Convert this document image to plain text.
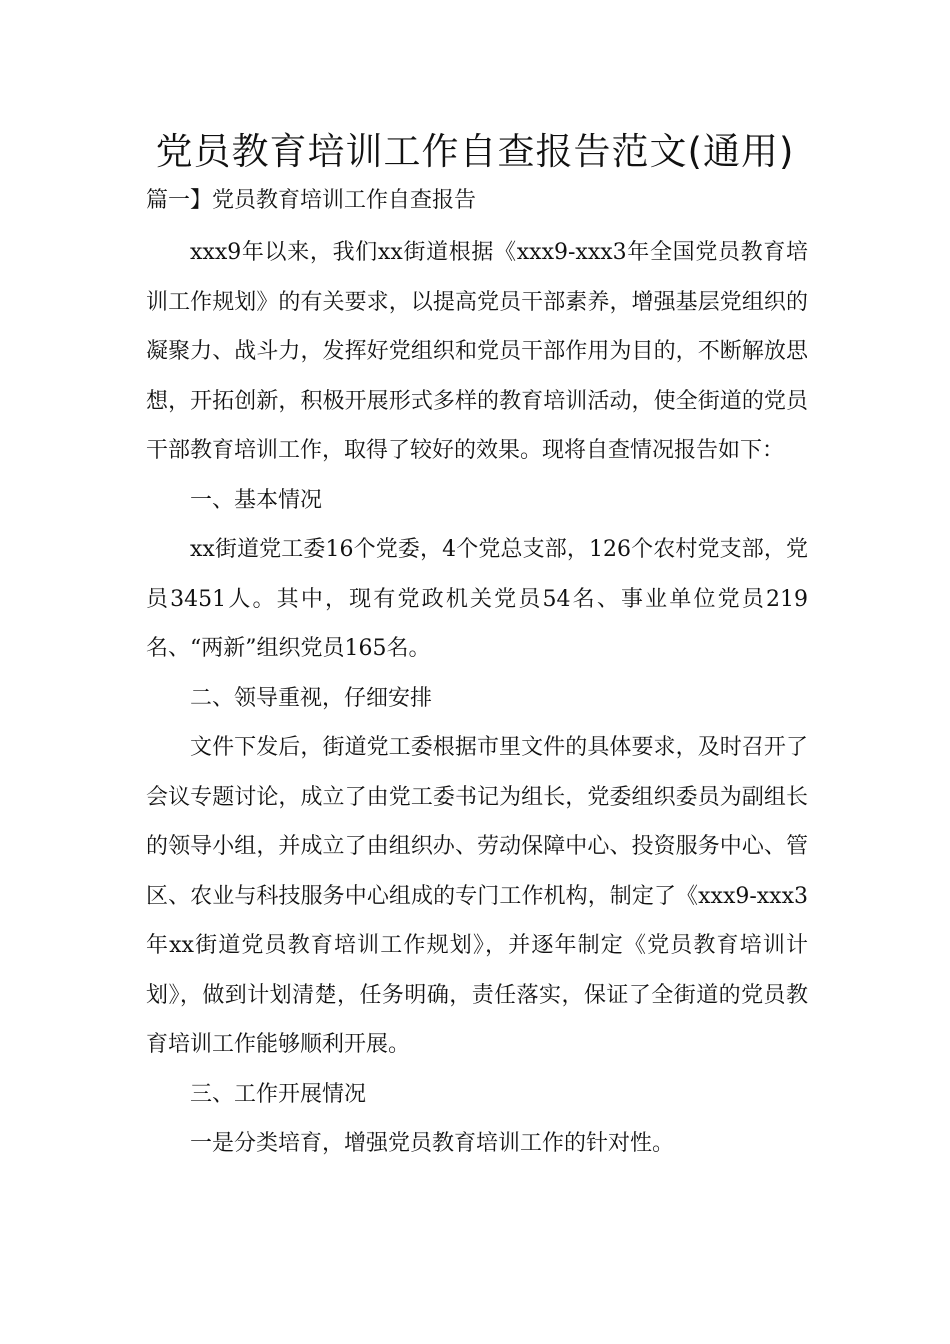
党员教育培训工作自查报告范文(通用)

篇一】党员教育培训工作自查报告

xxx9年以来，我们xx街道根据《xxx9-xxx3年全国党员教育培训工作规划》的有关要求，以提高党员干部素养，增强基层党组织的凝聚力、战斗力，发挥好党组织和党员干部作用为目的，不断解放思想，开拓创新，积极开展形式多样的教育培训活动，使全街道的党员干部教育培训工作，取得了较好的效果。现将自查情况报告如下：

一、基本情况

xx街道党工委16个党委，4个党总支部，126个农村党支部，党员3451人。其中，现有党政机关党员54名、事业单位党员219名、“两新”组织党员165名。

二、领导重视，仔细安排

文件下发后，街道党工委根据市里文件的具体要求，及时召开了会议专题讨论，成立了由党工委书记为组长，党委组织委员为副组长的领导小组，并成立了由组织办、劳动保障中心、投资服务中心、管区、农业与科技服务中心组成的专门工作机构，制定了《xxx9-xxx3年xx街道党员教育培训工作规划》，并逐年制定《党员教育培训计划》，做到计划清楚，任务明确，责任落实，保证了全街道的党员教育培训工作能够顺利开展。

三、工作开展情况

一是分类培育，增强党员教育培训工作的针对性。
